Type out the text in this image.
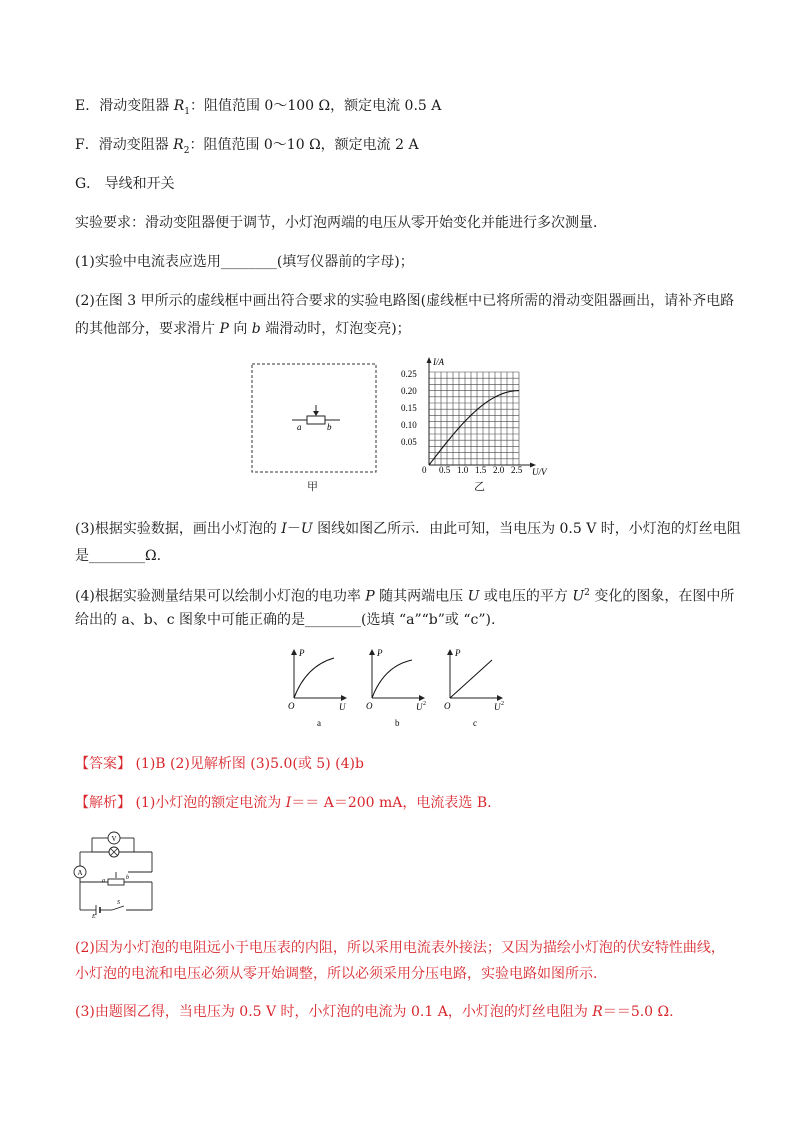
E．滑动变阻器 $R_1$：阻值范围 0～100 Ω，额定电流 0.5 A
F．滑动变阻器 $R_2$：阻值范围 0～10 Ω，额定电流 2 A
G． 导线和开关
实验要求：滑动变阻器便于调节，小灯泡两端的电压从零开始变化并能进行多次测量．
(1)实验中电流表应选用________(填写仪器前的字母)；
(2)在图 3 甲所示的虚线框中画出符合要求的实验电路图(虚线框中已将所需的滑动变阻器画出，请补齐电路
的其他部分，要求滑片 P 向 b 端滑动时，灯泡变亮)；
a	b
甲
I/A
U/V
0
0.25
0.20
0.15
0.10
0.05
0.5 1.0 1.5 2.0 2.5
乙
(3)根据实验数据，画出小灯泡的 I－U 图线如图乙所示．由此可知，当电压为 0.5 V 时，小灯泡的灯丝电阻
是________Ω.
(4)根据实验测量结果可以绘制小灯泡的电功率 P 随其两端电压 U 或电压的平方 $U^2$ 变化的图象，在图中所
给出的 a、b、c 图象中可能正确的是________(选填 “a”“b”或 “c”).
P
O	U
a
P
O	U 2
b
P
O	U 2
c
【答案】 (1)B (2)见解析图 (3)5.0(或 5) (4)b
【解析】 (1)小灯泡的额定电流为 I＝＝ A＝200 mA，电流表选 B.
V
A
a	b
S
E
(2)因为小灯泡的电阻远小于电压表的内阻，所以采用电流表外接法；又因为描绘小灯泡的伏安特性曲线，
小灯泡的电流和电压必须从零开始调整，所以必须采用分压电路，实验电路如图所示.
(3)由题图乙得，当电压为 0.5 V 时，小灯泡的电流为 0.1 A，小灯泡的灯丝电阻为 R＝＝5.0 Ω.
